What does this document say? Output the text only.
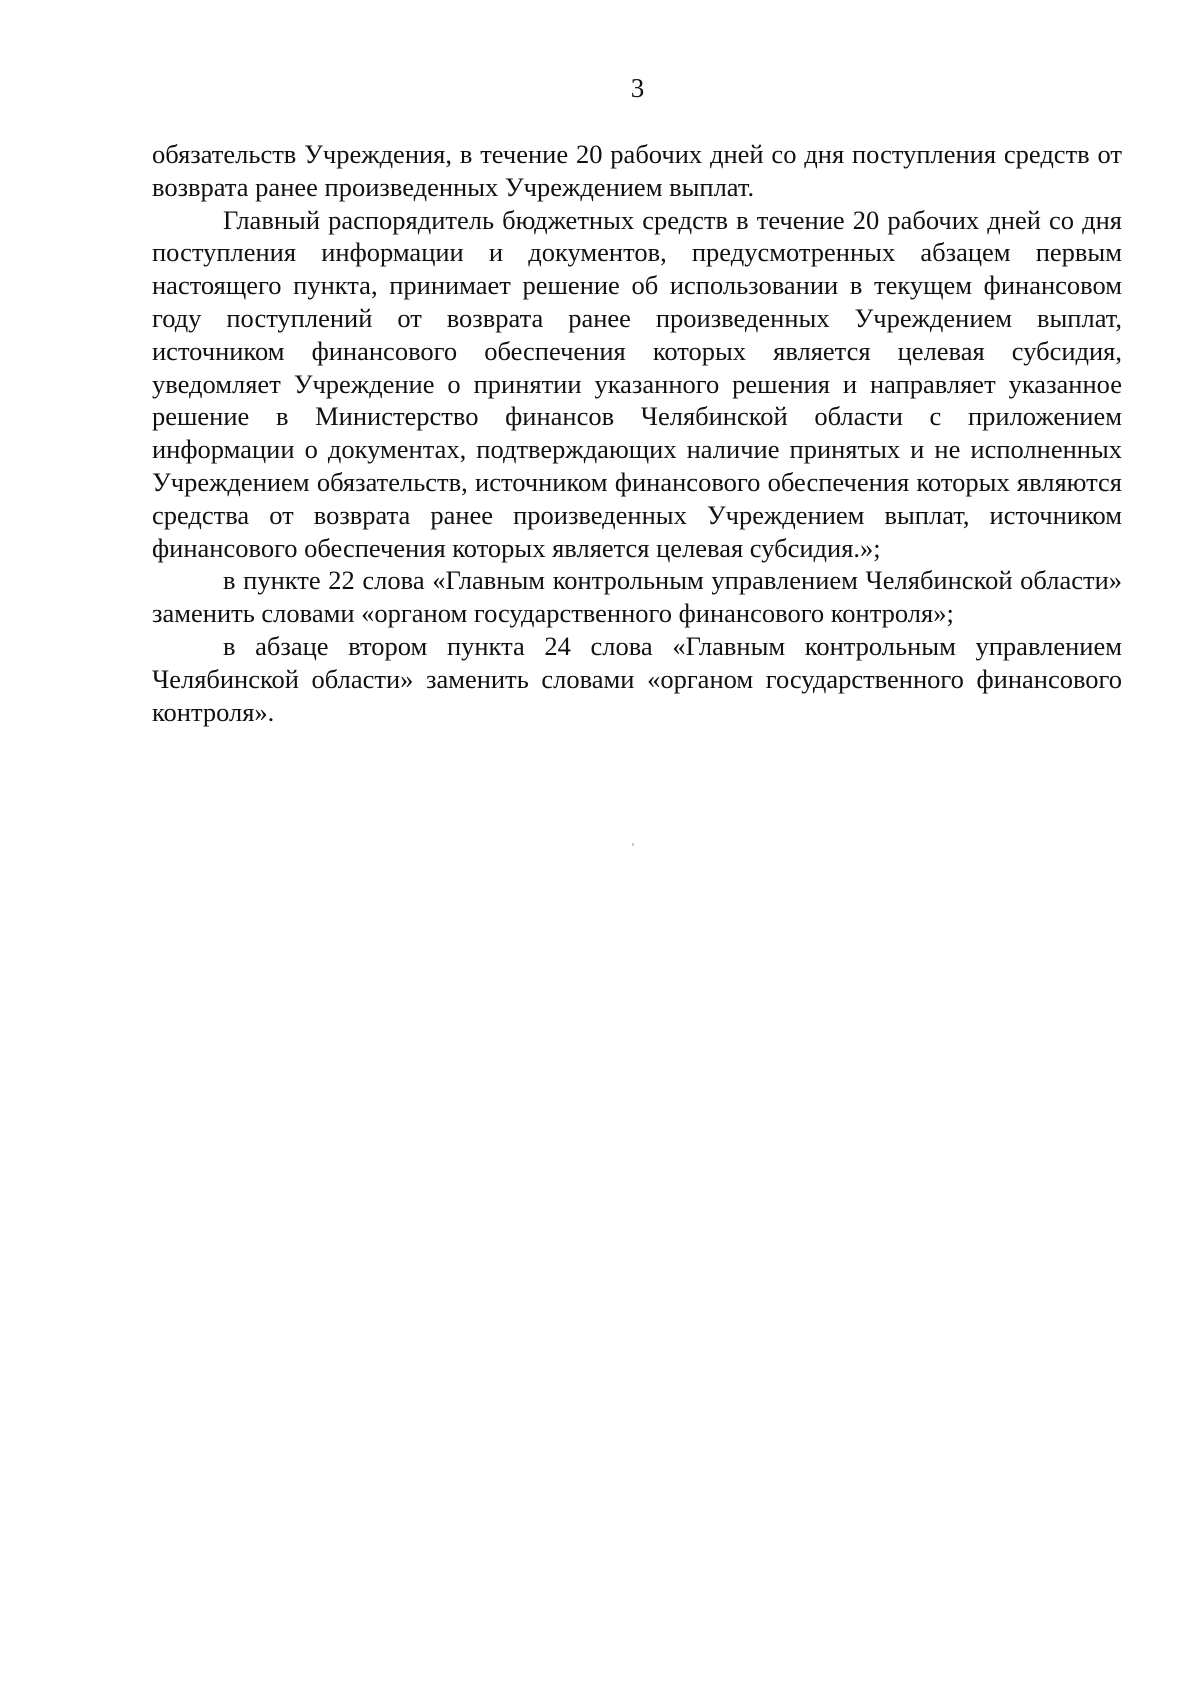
3

обязательств Учреждения, в течение 20 рабочих дней со дня поступления средств от возврата ранее произведенных Учреждением выплат.

Главный распорядитель бюджетных средств в течение 20 рабочих дней со дня поступления информации и документов, предусмотренных абзацем первым настоящего пункта, принимает решение об использовании в текущем финансовом году поступлений от возврата ранее произведенных Учреждением выплат, источником финансового обеспечения которых является целевая субсидия, уведомляет Учреждение о принятии указанного решения и направляет указанное решение в Министерство финансов Челябинской области с приложением информации о документах, подтверждающих наличие принятых и не исполненных Учреждением обязательств, источником финансового обеспечения которых являются средства от возврата ранее произведенных Учреждением выплат, источником финансового обеспечения которых является целевая субсидия.»;

в пункте 22 слова «Главным контрольным управлением Челябинской области» заменить словами «органом государственного финансового контроля»;

в абзаце втором пункта 24 слова «Главным контрольным управлением Челябинской области» заменить словами «органом государственного финансового контроля».
